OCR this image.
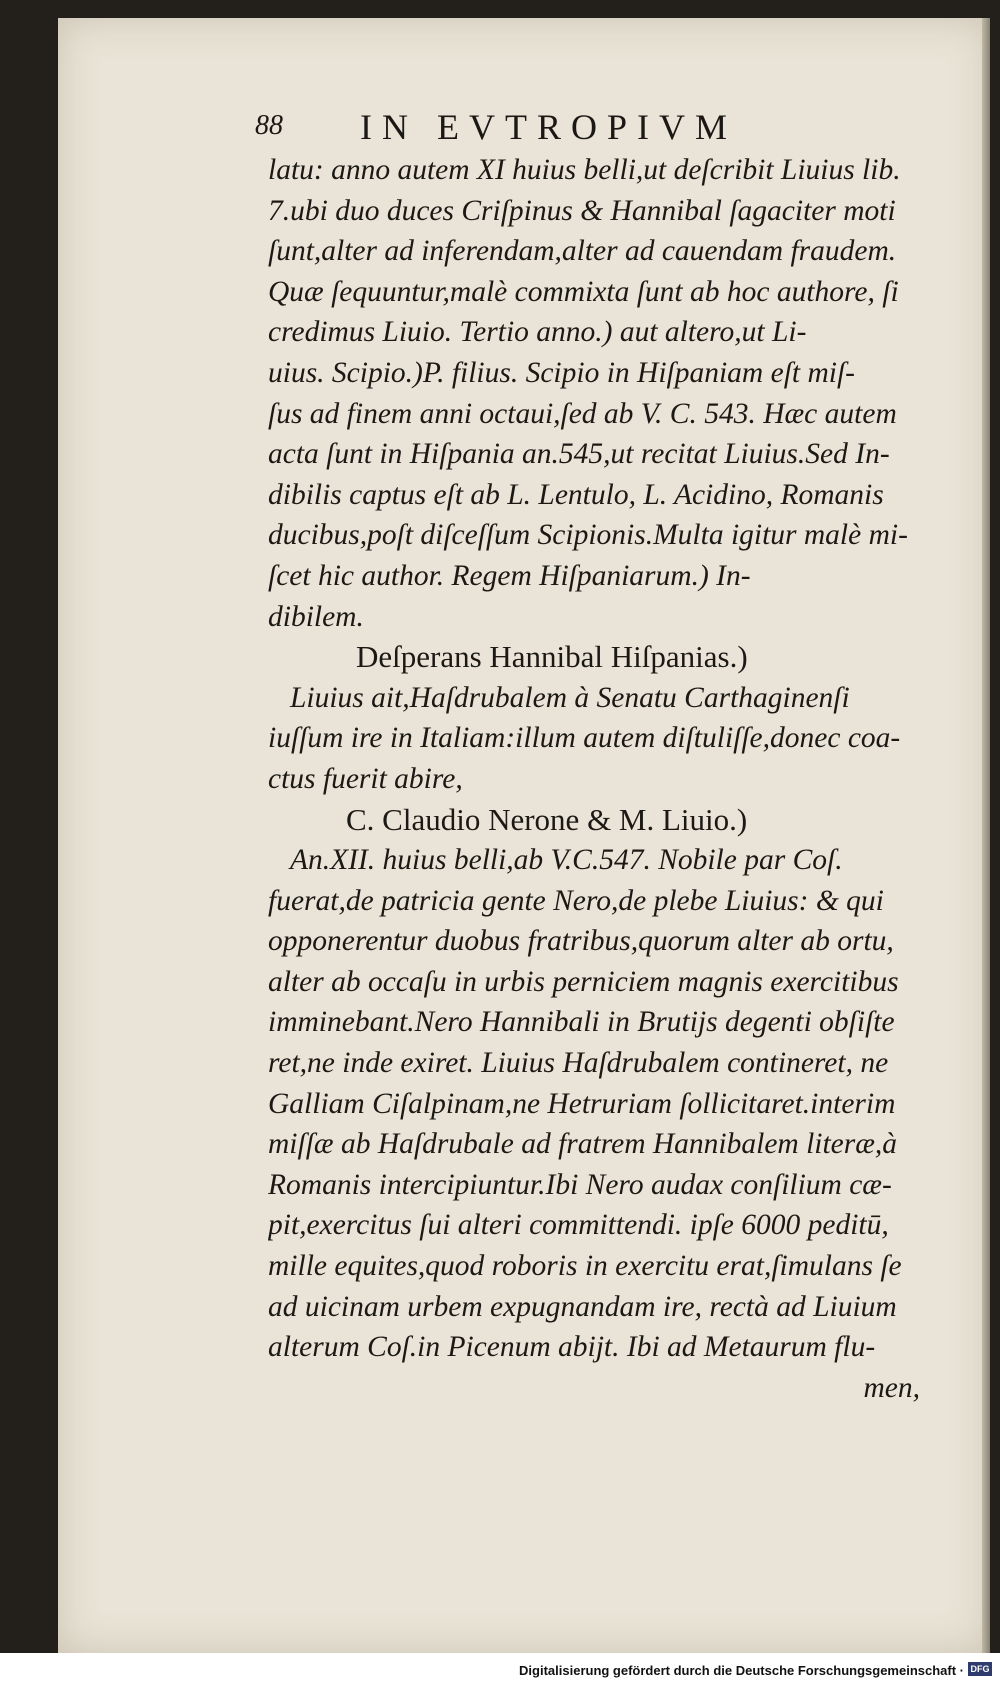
88 IN EVTROPIVM
latu: anno autem XI huius belli,ut deſcribit Liuius lib.
7.ubi duo duces Criſpinus & Hannibal ſagaciter moti
ſunt,alter ad inferendam,alter ad cauendam fraudem.
Quæ ſequuntur,malè commixta ſunt ab hoc authore, ſi
credimus Liuio. Tertio anno.) aut altero,ut Li-
uius. Scipio.)P. filius. Scipio in Hiſpaniam eſt miſ-
ſus ad finem anni octaui,ſed ab V. C. 543. Hæc autem
acta ſunt in Hiſpania an.545,ut recitat Liuius.Sed In-
dibilis captus eſt ab L. Lentulo, L. Acidino, Romanis
ducibus,poſt diſceſſum Scipionis.Multa igitur malè mi-
ſcet hic author. Regem Hiſpaniarum.) In-
dibilem.
Deſperans Hannibal Hiſpanias.)
Liuius ait,Haſdrubalem à Senatu Carthaginenſi
iuſſum ire in Italiam:illum autem diſtuliſſe,donec coa-
ctus fuerit abire,
C. Claudio Nerone & M. Liuio.)
An.XII. huius belli,ab V.C.547. Nobile par Coſ.
fuerat,de patricia gente Nero,de plebe Liuius: & qui
opponerentur duobus fratribus,quorum alter ab ortu,
alter ab occaſu in urbis perniciem magnis exercitibus
imminebant.Nero Hannibali in Brutijs degenti obſiſte
ret,ne inde exiret. Liuius Haſdrubalem contineret, ne
Galliam Ciſalpinam,ne Hetruriam ſollicitaret.interim
miſſæ ab Haſdrubale ad fratrem Hannibalem literæ,à
Romanis intercipiuntur.Ibi Nero audax conſilium cæ-
pit,exercitus ſui alteri committendi. ipſe 6000 peditū,
mille equites,quod roboris in exercitu erat,ſimulans ſe
ad uicinam urbem expugnandam ire, rectà ad Liuium
alterum Coſ.in Picenum abijt. Ibi ad Metaurum flu-
men,
Digitalisierung gefördert durch die Deutsche Forschungsgemeinschaft · DFG
